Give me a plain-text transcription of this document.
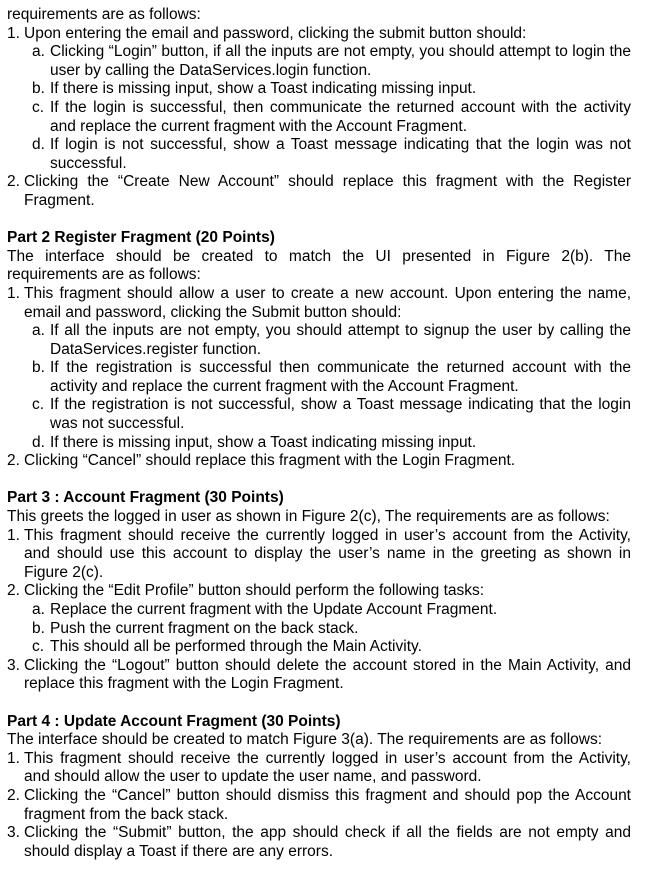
requirements are as follows:

1. Upon entering the email and password, clicking the submit button should:

a. Clicking “Login” button, if all the inputs are not empty, you should attempt to login the user by calling the DataServices.login function.

b. If there is missing input, show a Toast indicating missing input.

c. If the login is successful, then communicate the returned account with the activity and replace the current fragment with the Account Fragment.

d. If login is not successful, show a Toast message indicating that the login was not successful.

2. Clicking the “Create New Account” should replace this fragment with the Register Fragment.

Part 2 Register Fragment (20 Points)

The interface should be created to match the UI presented in Figure 2(b). The requirements are as follows:

1. This fragment should allow a user to create a new account. Upon entering the name, email and password, clicking the Submit button should:

a. If all the inputs are not empty, you should attempt to signup the user by calling the DataServices.register function.

b. If the registration is successful then communicate the returned account with the activity and replace the current fragment with the Account Fragment.

c. If the registration is not successful, show a Toast message indicating that the login was not successful.

d. If there is missing input, show a Toast indicating missing input.

2. Clicking “Cancel” should replace this fragment with the Login Fragment.

Part 3 : Account Fragment (30 Points)

This greets the logged in user as shown in Figure 2(c), The requirements are as follows:

1. This fragment should receive the currently logged in user’s account from the Activity, and should use this account to display the user’s name in the greeting as shown in Figure 2(c).

2. Clicking the “Edit Profile” button should perform the following tasks:

a. Replace the current fragment with the Update Account Fragment.

b. Push the current fragment on the back stack.

c. This should all be performed through the Main Activity.

3. Clicking the “Logout” button should delete the account stored in the Main Activity, and replace this fragment with the Login Fragment.

Part 4 : Update Account Fragment (30 Points)

The interface should be created to match Figure 3(a). The requirements are as follows:

1. This fragment should receive the currently logged in user’s account from the Activity, and should allow the user to update the user name, and password.

2. Clicking the “Cancel” button should dismiss this fragment and should pop the Account fragment from the back stack.

3. Clicking the “Submit” button, the app should check if all the fields are not empty and should display a Toast if there are any errors.
